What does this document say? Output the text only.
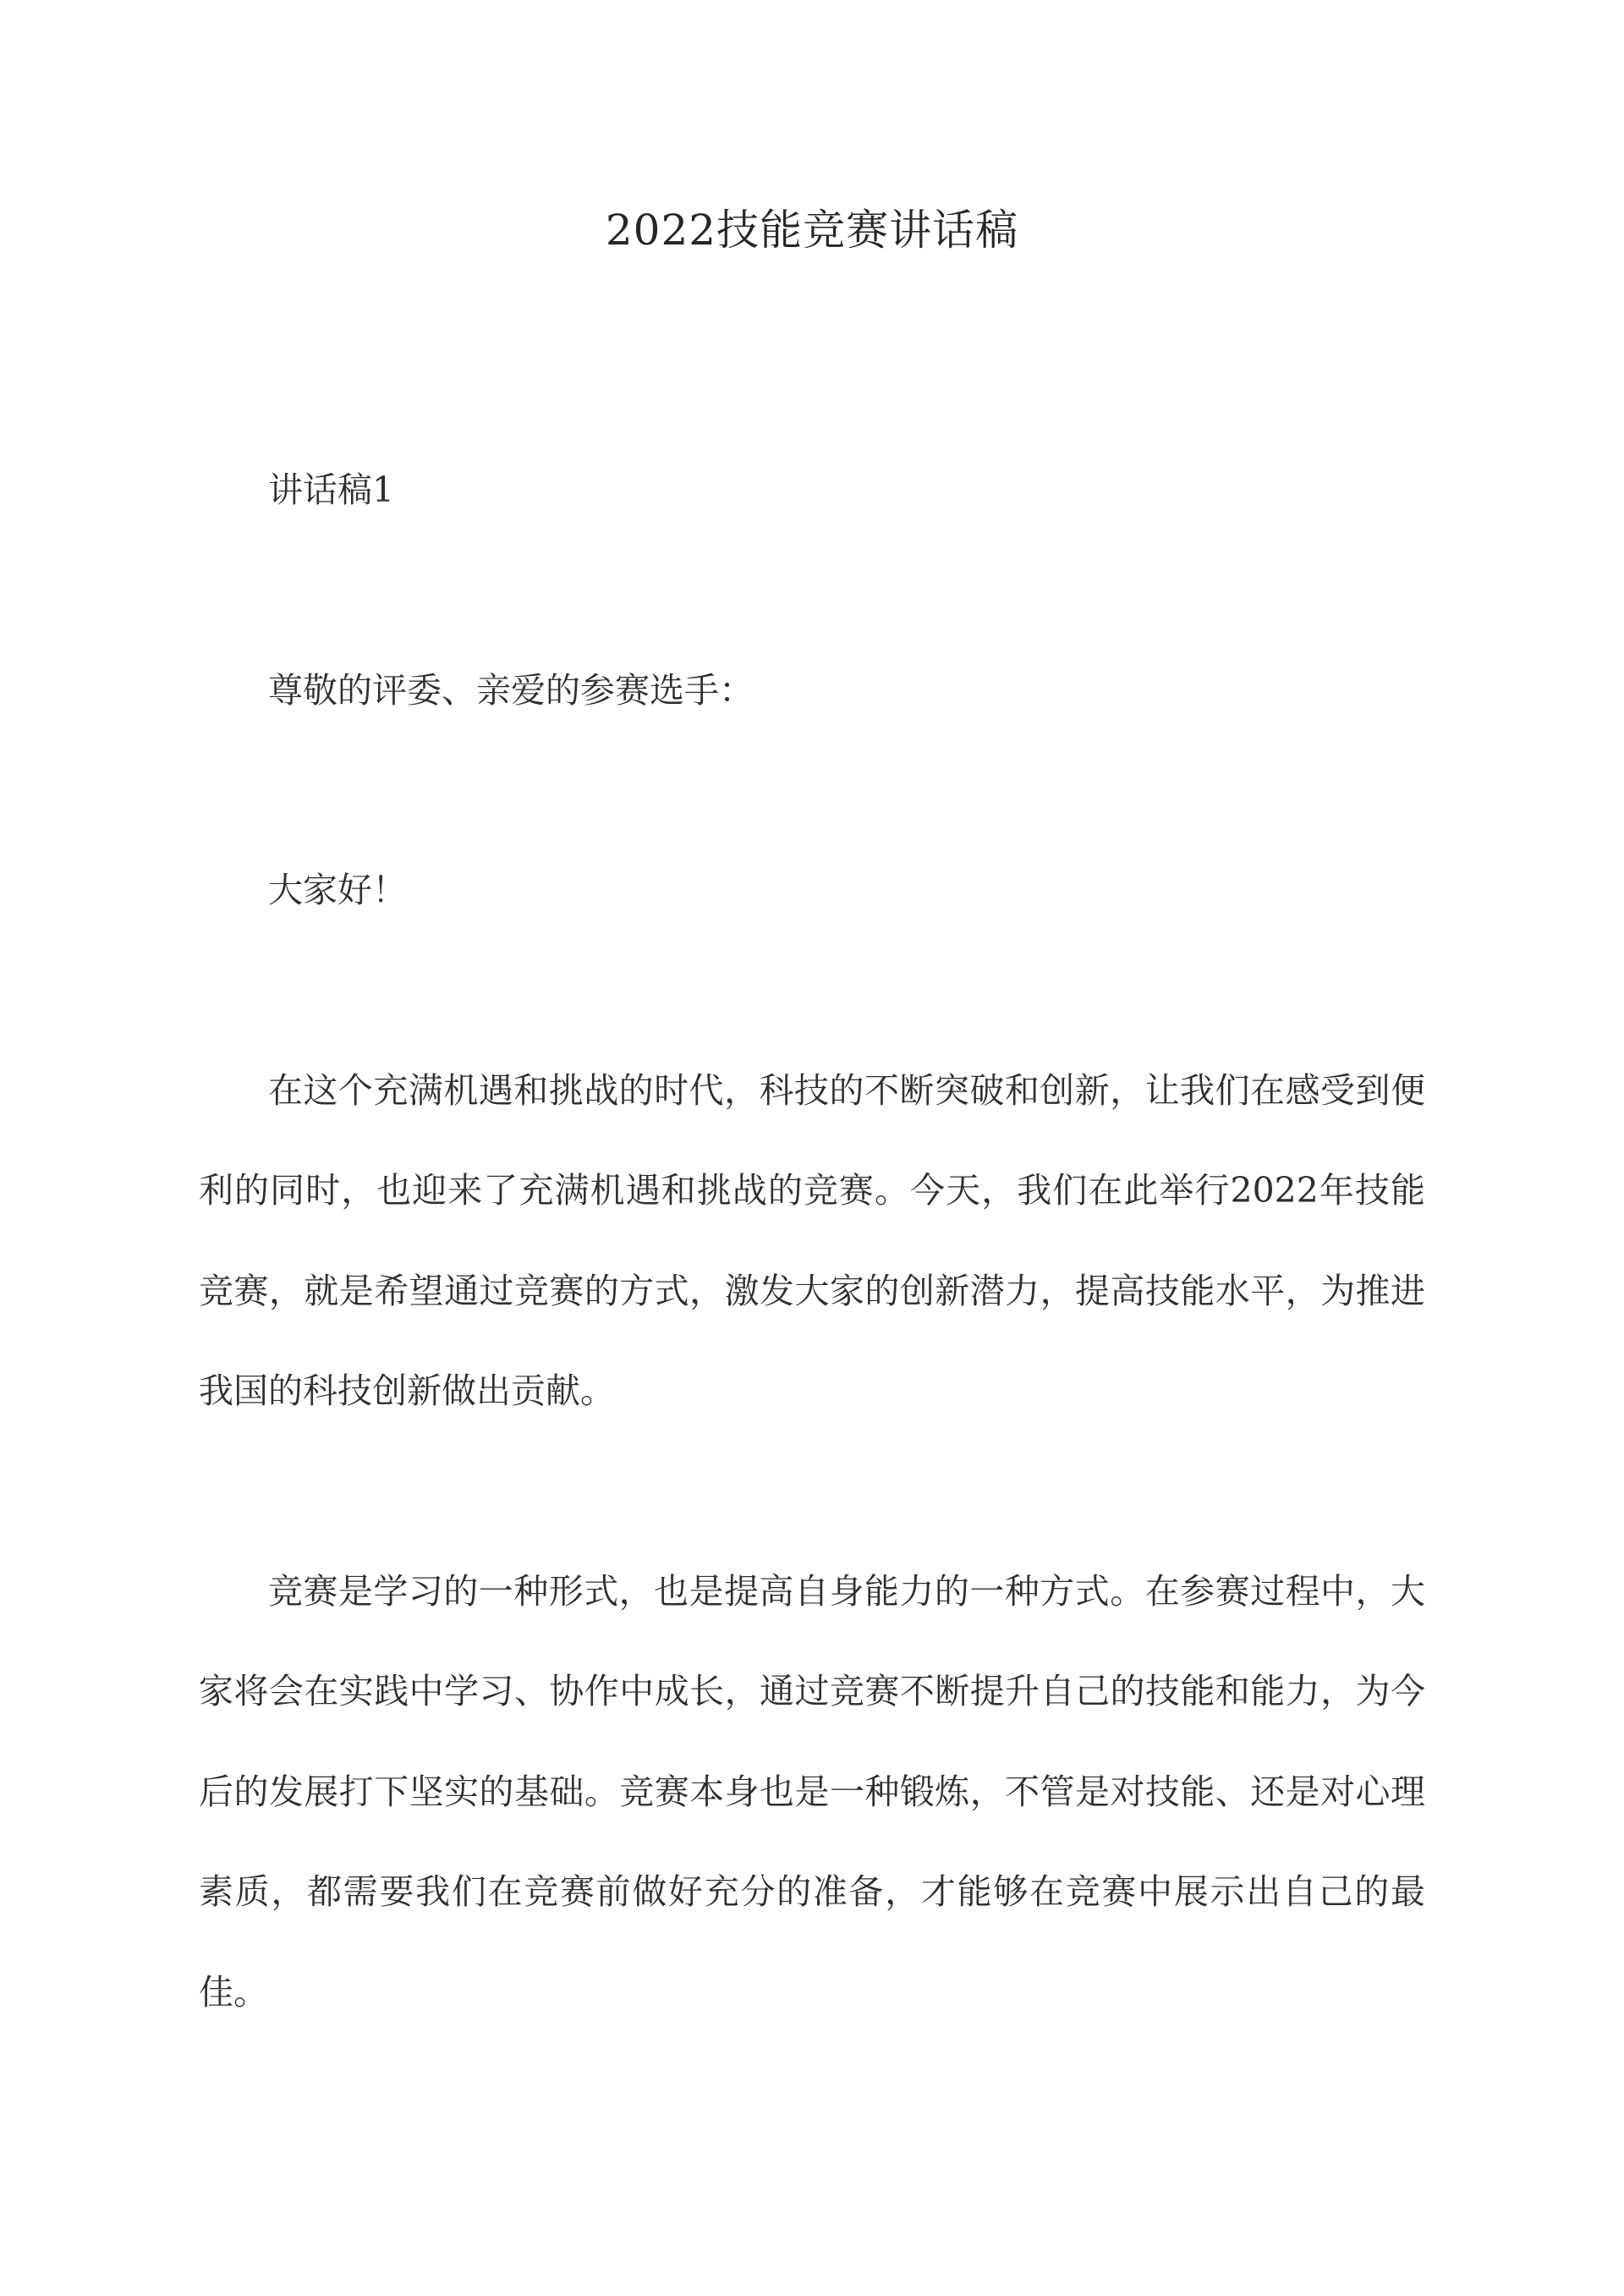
2022技能竞赛讲话稿

讲话稿1

尊敬的评委、亲爱的参赛选手：

大家好！

在这个充满机遇和挑战的时代，科技的不断突破和创新，让我们在感受到便利的同时，也迎来了充满机遇和挑战的竞赛。今天，我们在此举行2022年技能竞赛，就是希望通过竞赛的方式，激发大家的创新潜力，提高技能水平，为推进我国的科技创新做出贡献。

竞赛是学习的一种形式，也是提高自身能力的一种方式。在参赛过程中，大家将会在实践中学习、协作中成长，通过竞赛不断提升自己的技能和能力，为今后的发展打下坚实的基础。竞赛本身也是一种锻炼，不管是对技能、还是对心理素质，都需要我们在竞赛前做好充分的准备，才能够在竞赛中展示出自己的最佳。
